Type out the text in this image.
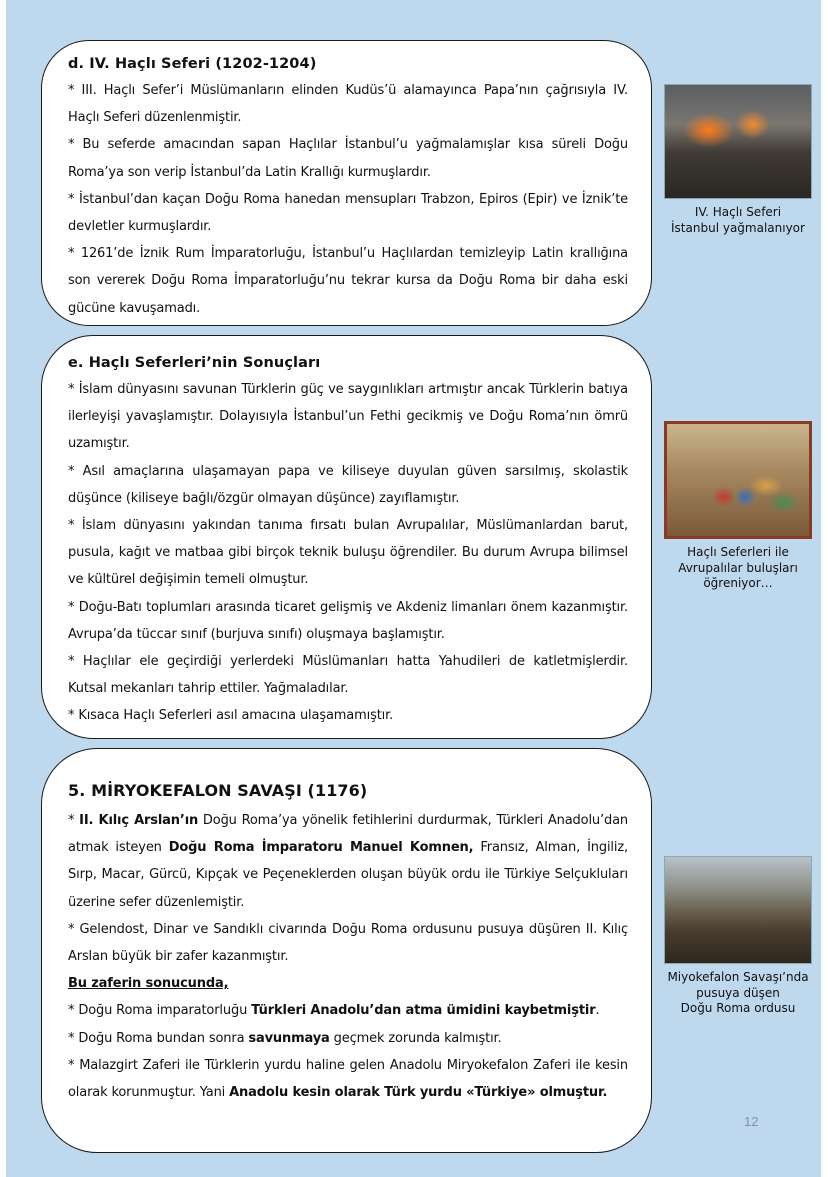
d. IV. Haçlı Seferi (1202-1204)

* III. Haçlı Sefer’i Müslümanların elinden Kudüs’ü alamayınca Papa’nın çağrısıyla IV. Haçlı Seferi düzenlenmiştir.

* Bu seferde amacından sapan Haçlılar İstanbul’u yağmalamışlar kısa süreli Doğu Roma’ya son verip İstanbul’da Latin Krallığı kurmuşlardır.

* İstanbul’dan kaçan Doğu Roma hanedan mensupları Trabzon, Epiros (Epir) ve İznik’te devletler kurmuşlardır.

* 1261’de İznik Rum İmparatorluğu, İstanbul’u Haçlılardan temizleyip Latin krallığına son vererek Doğu Roma İmparatorluğu’nu tekrar kursa da Doğu Roma bir daha eski gücüne kavuşamadı.

IV. Haçlı Seferi
İstanbul yağmalanıyor

e. Haçlı Seferleri’nin Sonuçları

* İslam dünyasını savunan Türklerin güç ve saygınlıkları artmıştır ancak Türklerin batıya ilerleyişi yavaşlamıştır. Dolayısıyla İstanbul’un Fethi gecikmiş ve Doğu Roma’nın ömrü uzamıştır.

* Asıl amaçlarına ulaşamayan papa ve kiliseye duyulan güven sarsılmış, skolastik düşünce (kiliseye bağlı/özgür olmayan düşünce) zayıflamıştır.

* İslam dünyasını yakından tanıma fırsatı bulan Avrupalılar, Müslümanlardan barut, pusula, kağıt ve matbaa gibi birçok teknik buluşu öğrendiler. Bu durum Avrupa bilimsel ve kültürel değişimin temeli olmuştur.

* Doğu-Batı toplumları arasında ticaret gelişmiş ve Akdeniz limanları önem kazanmıştır. Avrupa’da tüccar sınıf (burjuva sınıfı) oluşmaya başlamıştır.

* Haçlılar ele geçirdiği yerlerdeki Müslümanları hatta Yahudileri de katletmişlerdir. Kutsal mekanları tahrip ettiler. Yağmaladılar.

* Kısaca Haçlı Seferleri asıl amacına ulaşamamıştır.

Haçlı Seferleri ile
Avrupalılar buluşları
öğreniyor…

5. MİRYOKEFALON SAVAŞI (1176)

* II. Kılıç Arslan’ın Doğu Roma’ya yönelik fetihlerini durdurmak, Türkleri Anadolu’dan atmak isteyen Doğu Roma İmparatoru Manuel Komnen, Fransız, Alman, İngiliz, Sırp, Macar, Gürcü, Kıpçak ve Peçeneklerden oluşan büyük ordu ile Türkiye Selçukluları üzerine sefer düzenlemiştir.

* Gelendost, Dinar ve Sandıklı civarında Doğu Roma ordusunu pusuya düşüren II. Kılıç Arslan büyük bir zafer kazanmıştır.

Bu zaferin sonucunda,

* Doğu Roma imparatorluğu Türkleri Anadolu’dan atma ümidini kaybetmiştir.

* Doğu Roma bundan sonra savunmaya geçmek zorunda kalmıştır.

* Malazgirt Zaferi ile Türklerin yurdu haline gelen Anadolu Miryokefalon Zaferi ile kesin olarak korunmuştur. Yani Anadolu kesin olarak Türk yurdu «Türkiye» olmuştur.

Miyokefalon Savaşı’nda
pusuya düşen
Doğu Roma ordusu
12
